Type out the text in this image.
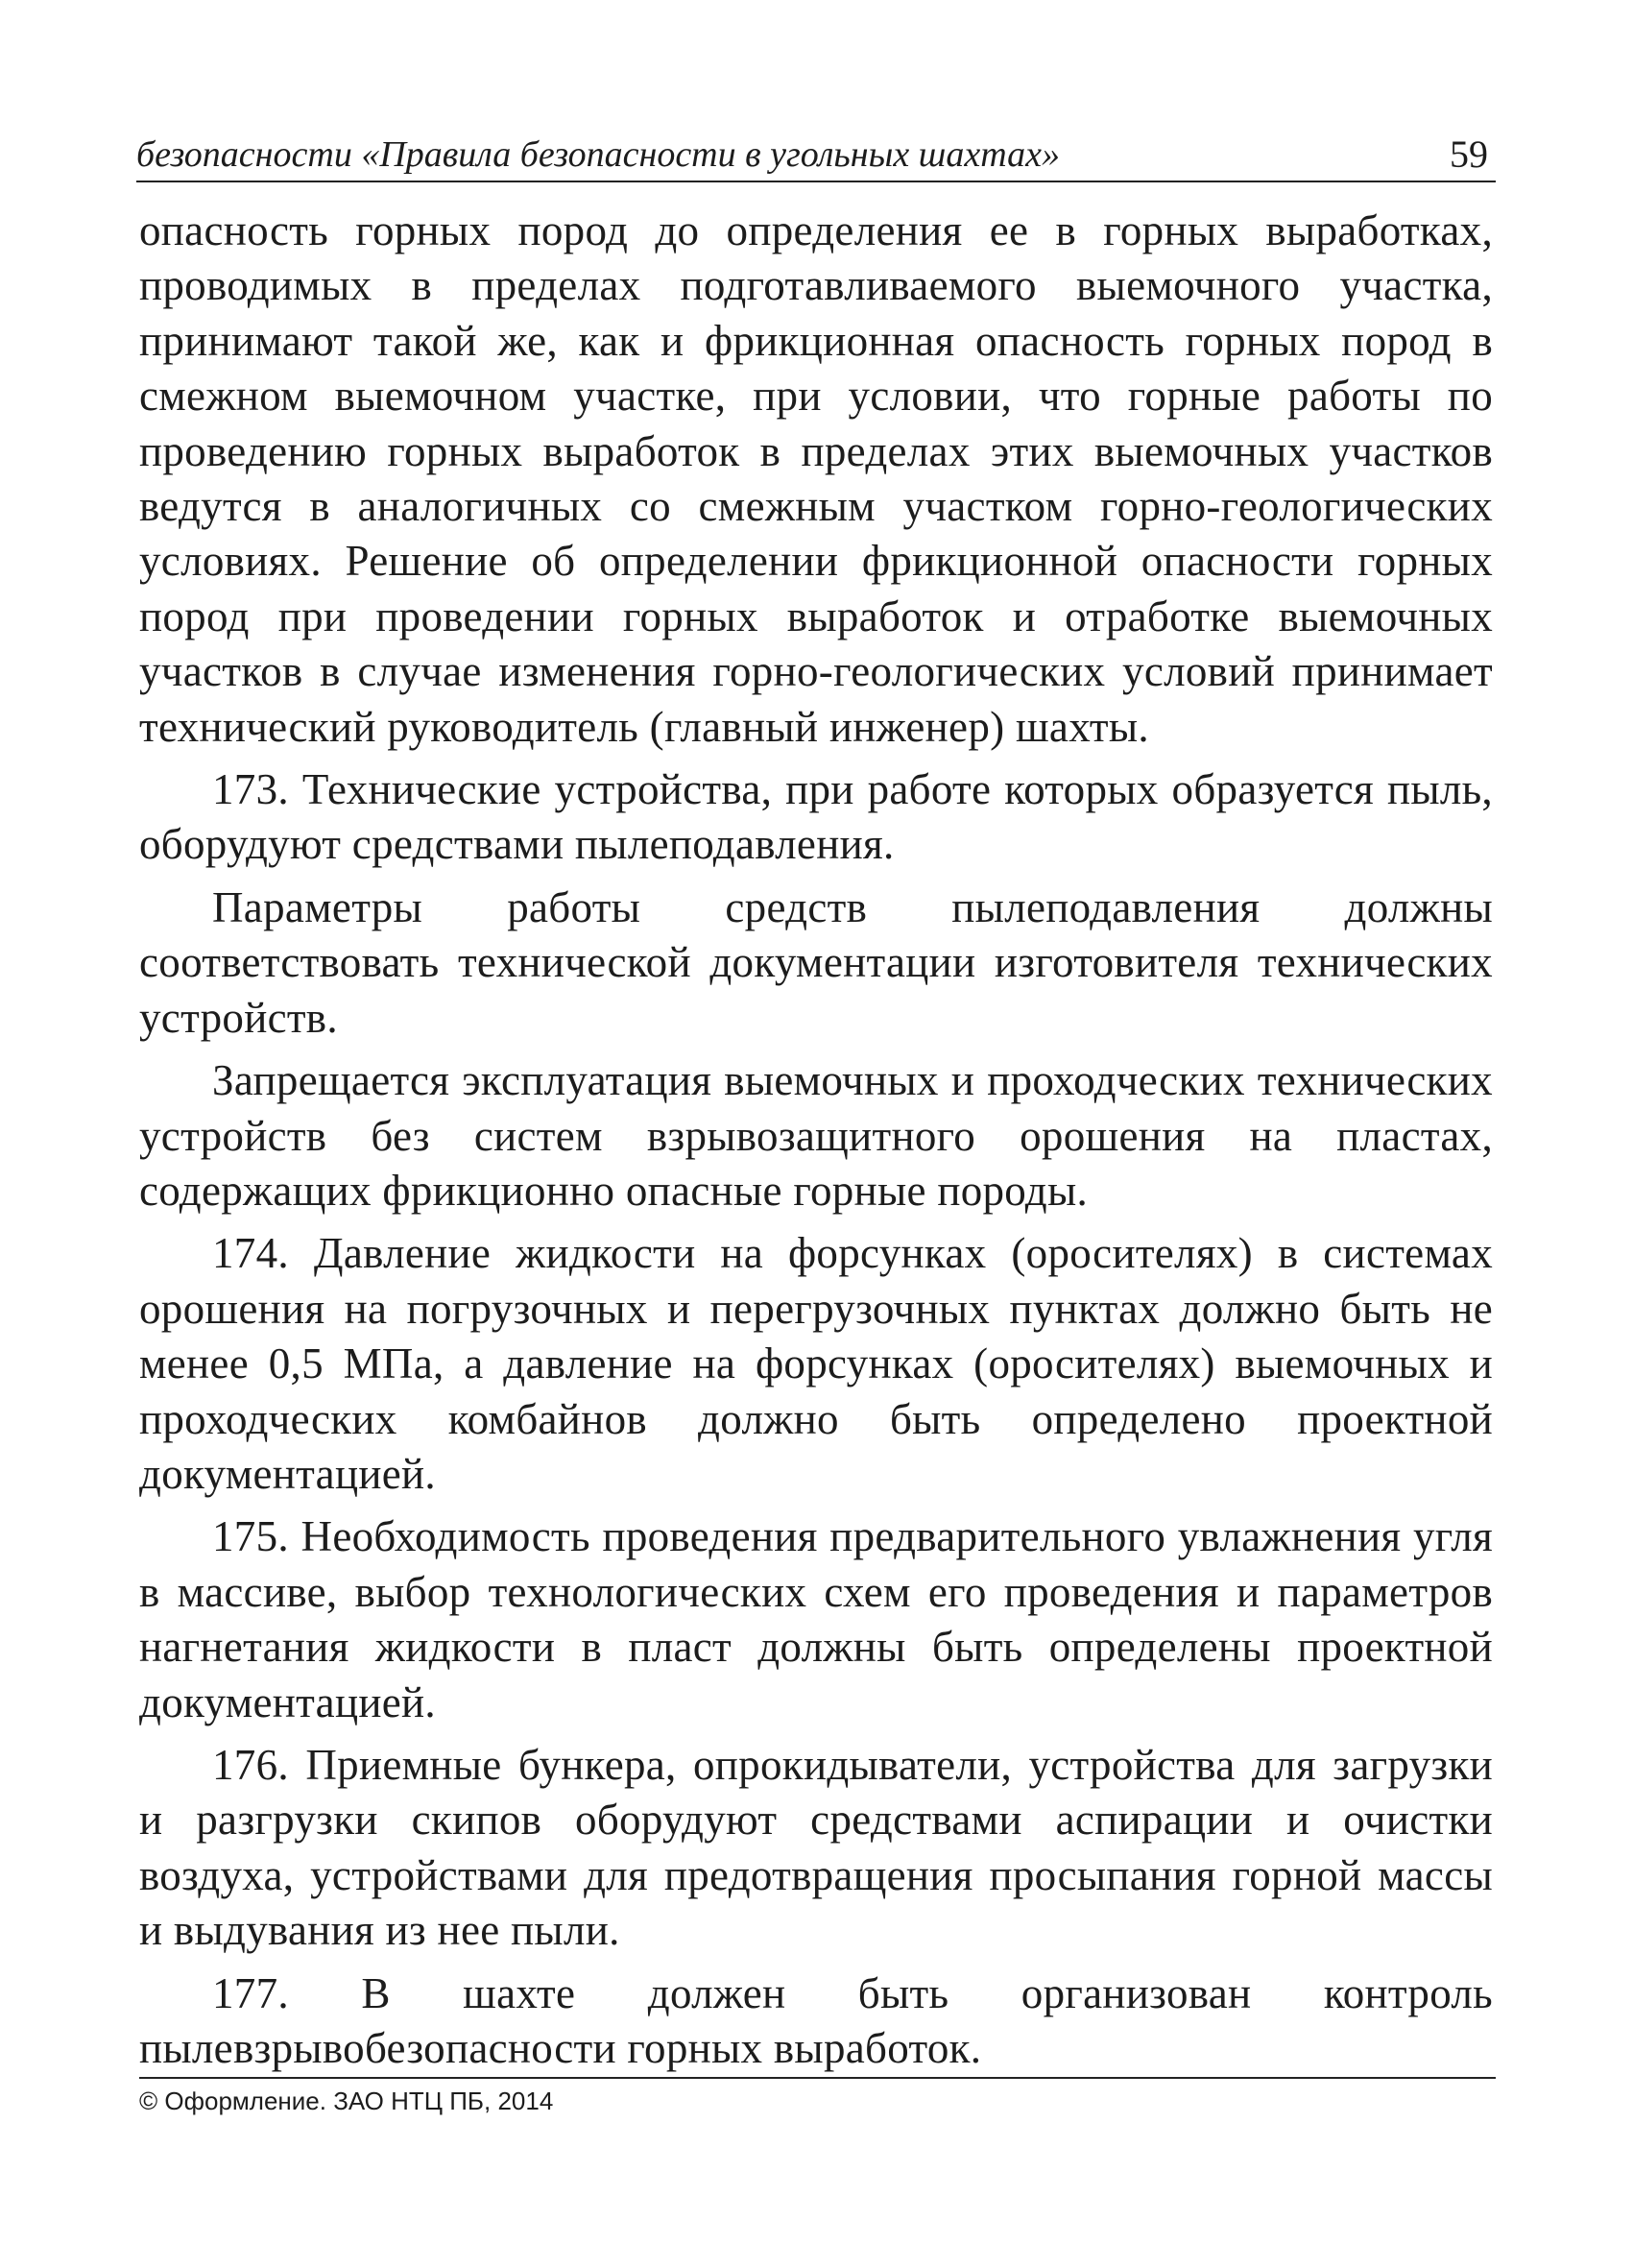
безопасности «Правила безопасности в угольных шахтах»	59

опасность горных пород до определения ее в горных выработках, проводимых в пределах подготавливаемого выемочного участка, принимают такой же, как и фрикционная опасность горных пород в смежном выемочном участке, при условии, что горные работы по проведению горных выработок в пределах этих выемочных участков ведутся в аналогичных со смежным участком горно-геологических условиях. Решение об определении фрикционной опасности горных пород при проведении горных выработок и отработке выемочных участков в случае изменения горно-геологических условий принимает технический руководитель (главный инженер) шахты.

173. Технические устройства, при работе которых образуется пыль, оборудуют средствами пылеподавления.

Параметры работы средств пылеподавления должны соответствовать технической документации изготовителя технических устройств.

Запрещается эксплуатация выемочных и проходческих технических устройств без систем взрывозащитного орошения на пластах, содержащих фрикционно опасные горные породы.

174. Давление жидкости на форсунках (оросителях) в системах орошения на погрузочных и перегрузочных пунктах должно быть не менее 0,5 МПа, а давление на форсунках (оросителях) выемочных и проходческих комбайнов должно быть определено проектной документацией.

175. Необходимость проведения предварительного увлажнения угля в массиве, выбор технологических схем его проведения и параметров нагнетания жидкости в пласт должны быть определены проектной документацией.

176. Приемные бункера, опрокидыватели, устройства для загрузки и разгрузки скипов оборудуют средствами аспирации и очистки воздуха, устройствами для предотвращения просыпания горной массы и выдувания из нее пыли.

177. В шахте должен быть организован контроль пылевзрывобезопасности горных выработок.

© Оформление. ЗАО НТЦ ПБ, 2014
